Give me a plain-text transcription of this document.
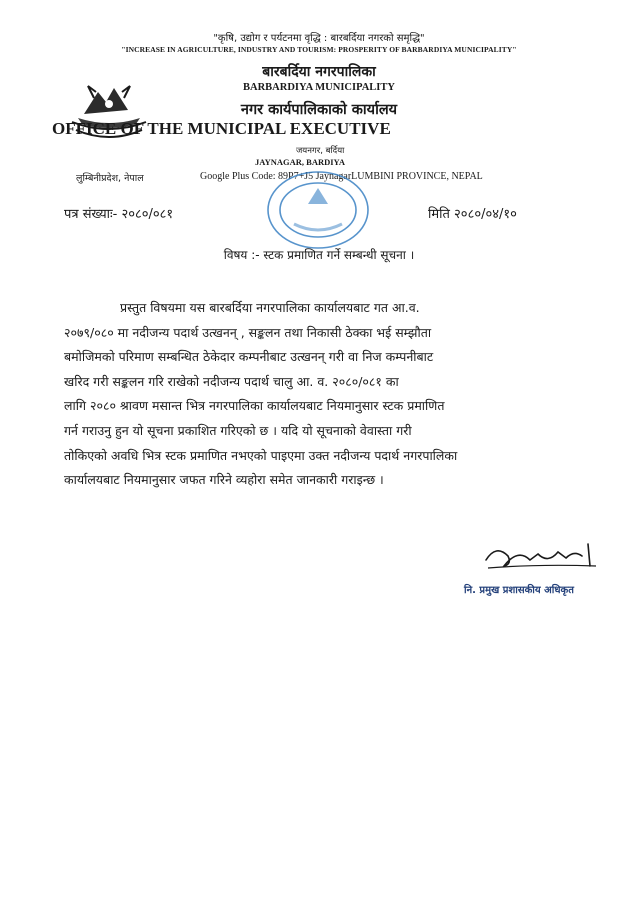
"कृषि, उद्योग र पर्यटनमा वृद्धि : बारबर्दिया नगरको समृद्धि"
"INCREASE IN AGRICULTURE, INDUSTRY AND TOURISM: PROSPERITY OF BARBARDIYA MUNICIPALITY"
बारबर्दिया नगरपालिका
BARBARDIYA MUNICIPALITY
नगर कार्यपालिकाको कार्यालय
OFFICE OF THE MUNICIPAL EXECUTIVE
जयनगर, बर्दिया
JAYNAGAR, BARDIYA
लुम्बिनीप्रदेश, नेपाल	Google Plus Code: 89P7+J5 JaynagarLUMBINI PROVINCE, NEPAL
पत्र संख्याः- २०८०/०८१	मिति २०८०/०४/१०
विषय :- स्टक प्रमाणित गर्ने सम्बन्धी सूचना ।
प्रस्तुत विषयमा यस बारबर्दिया नगरपालिका कार्यालयबाट गत आ.व.
२०७९/०८० मा नदीजन्य पदार्थ उत्खनन् , सङ्कलन तथा निकासी ठेक्का भई सम्झौता
बमोजिमको परिमाण सम्बन्धित ठेकेदार कम्पनीबाट उत्खनन् गरी वा निज कम्पनीबाट
खरिद गरी सङ्कलन गरि राखेको नदीजन्य पदार्थ चालु आ. व. २०८०/०८१ का
लागि २०८० श्रावण मसान्त भित्र नगरपालिका कार्यालयबाट नियमानुसार स्टक प्रमाणित
गर्न गराउनु हुन यो सूचना प्रकाशित गरिएको छ । यदि यो सूचनाको वेवास्ता गरी
तोकिएको अवधि भित्र स्टक प्रमाणित नभएको पाइएमा उक्त नदीजन्य पदार्थ नगरपालिका
कार्यालयबाट नियमानुसार जफत गरिने व्यहोरा समेत जानकारी गराइन्छ ।
नि. प्रमुख प्रशासकीय अधिकृत
